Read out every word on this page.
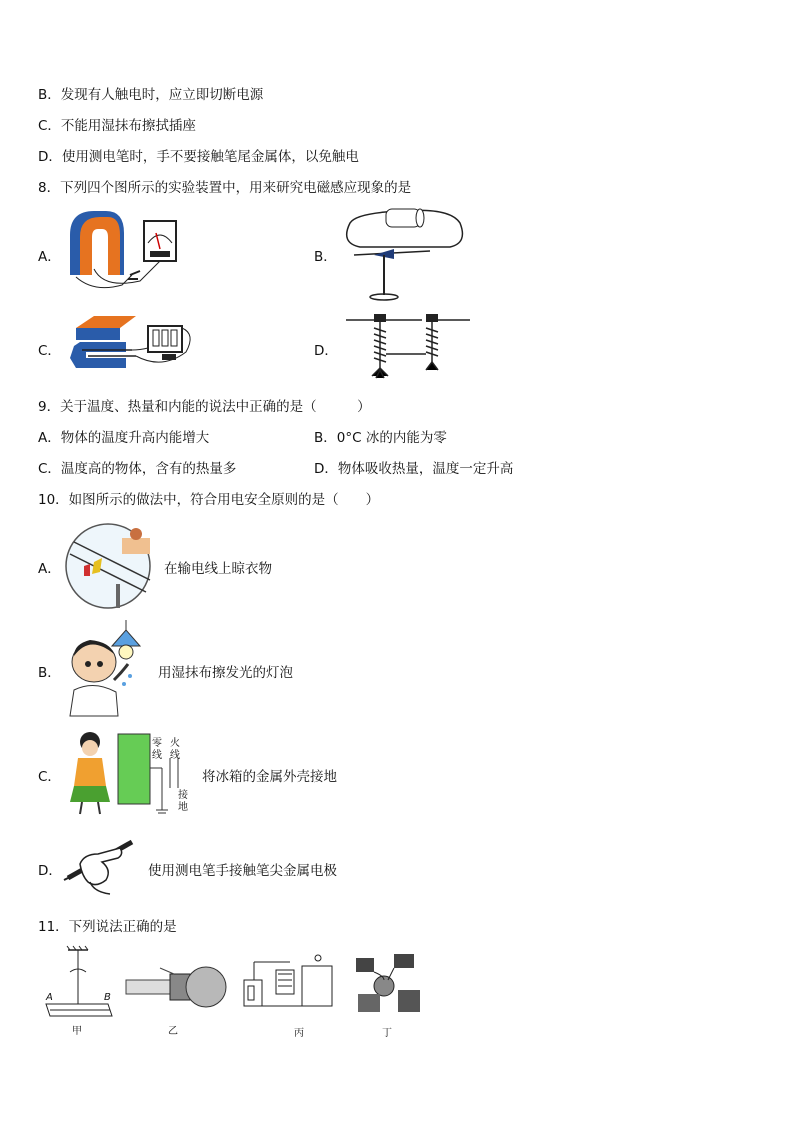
B．发现有人触电时，应立即切断电源
C．不能用湿抹布擦拭插座
D．使用测电笔时，手不要接触笔尾金属体，以免触电
8．下列四个图所示的实验装置中，用来研究电磁感应现象的是
A．	B．
C．	D．
9．关于温度、热量和内能的说法中正确的是（　　　）
A．物体的温度升高内能增大	B．0°C 冰的内能为零
C．温度高的物体，含有的热量多	D．物体吸收热量，温度一定升高
10．如图所示的做法中，符合用电安全原则的是（　　）
A．	在输电线上晾衣物
B．	用湿抹布擦发光的灯泡
C．
零线
火线
接地
将冰箱的金属外壳接地
D．	使用测电笔手接触笔尖金属电极
11．下列说法正确的是
A	B
甲	乙	丙	丁
